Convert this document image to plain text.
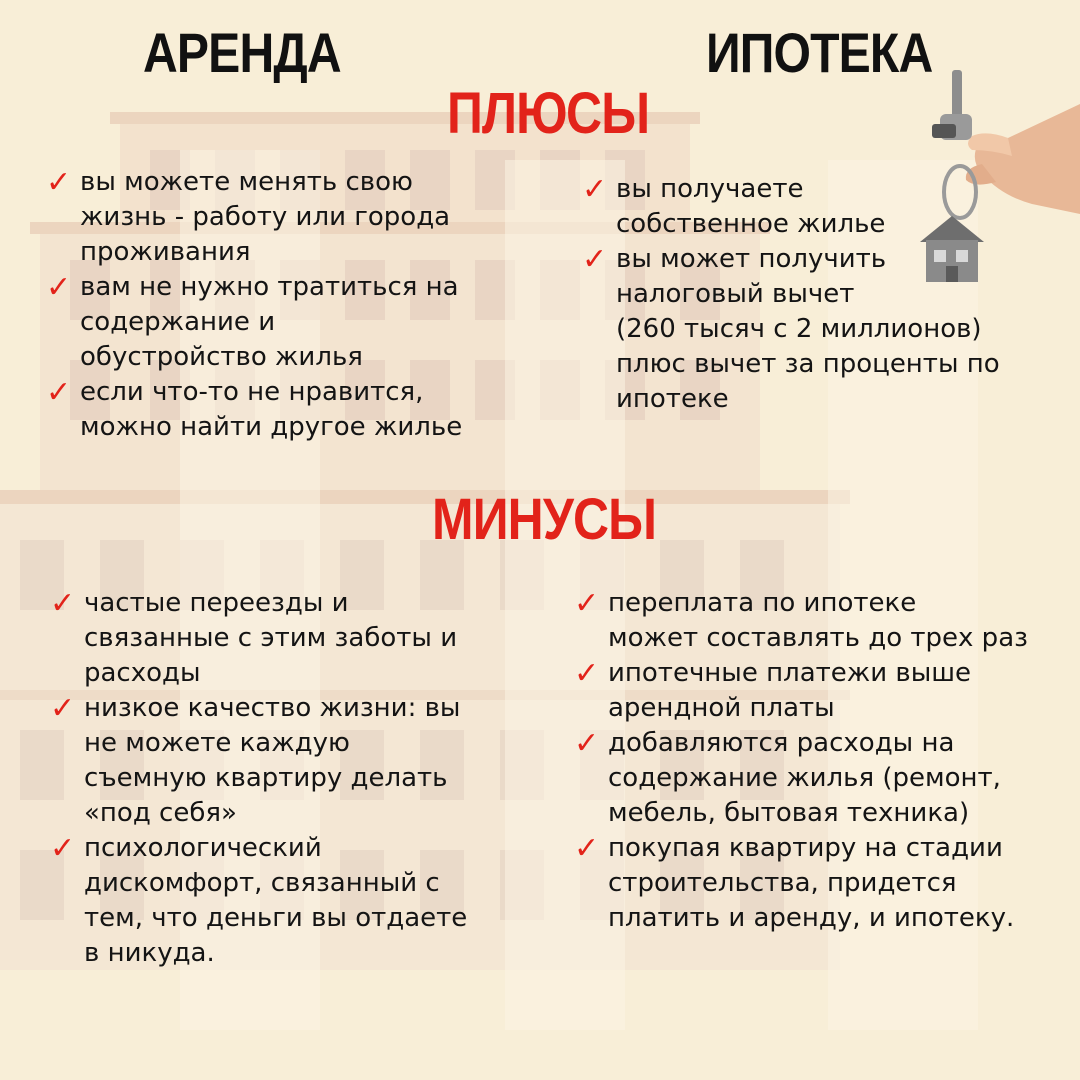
АРЕНДА	ИПОТЕКА
ПЛЮСЫ
✓ вы можете менять свою
жизнь - работу или города
проживания
✓ вам не нужно тратиться на
содержание и
обустройство жилья
✓ если что-то не нравится,
можно найти другое жилье
✓ вы получаете
собственное жилье
✓ вы может получить
налоговый вычет
(260 тысяч с 2 миллионов)
плюс вычет за проценты по
ипотеке
МИНУСЫ
✓ частые переезды и
связанные с этим заботы и
расходы
✓ низкое качество жизни: вы
не можете каждую
съемную квартиру делать
«под себя»
✓ психологический
дискомфорт, связанный с
тем, что деньги вы отдаете
в никуда.
✓ переплата по ипотеке
может составлять до трех раз
✓ ипотечные платежи выше
арендной платы
✓ добавляются расходы на
содержание жилья (ремонт,
мебель, бытовая техника)
✓ покупая квартиру на стадии
строительства, придется
платить и аренду, и ипотеку.
